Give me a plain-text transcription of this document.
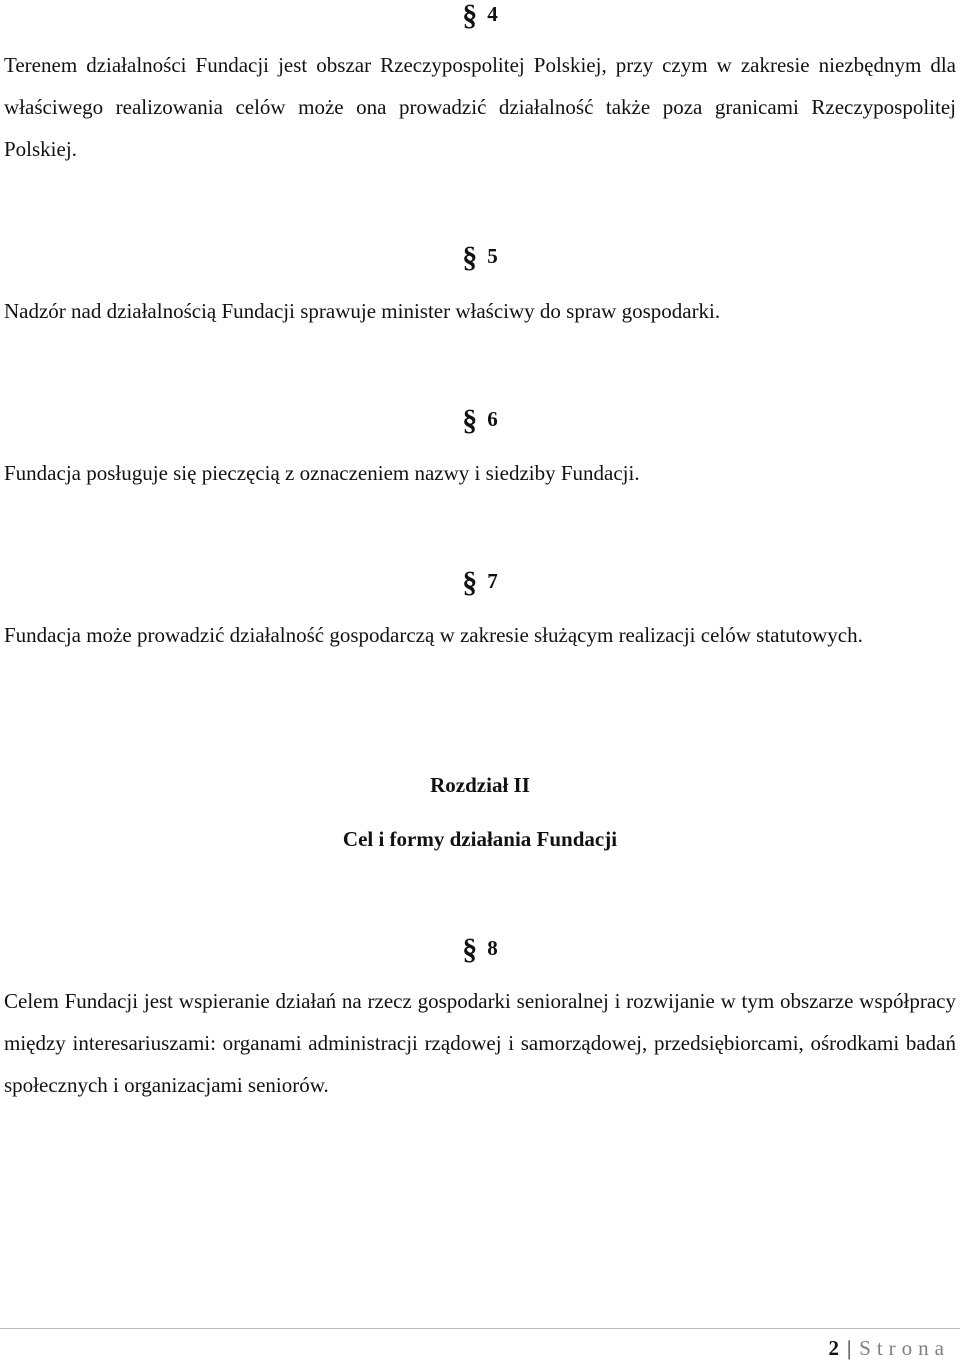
§ 4
Terenem działalności Fundacji jest obszar Rzeczypospolitej Polskiej, przy czym w zakresie niezbędnym dla właściwego realizowania celów może ona prowadzić działalność także poza granicami Rzeczypospolitej Polskiej.
§ 5
Nadzór nad działalnością Fundacji sprawuje minister właściwy do spraw gospodarki.
§ 6
Fundacja posługuje się pieczęcią z oznaczeniem nazwy i siedziby Fundacji.
§ 7
Fundacja może prowadzić działalność gospodarczą w zakresie służącym realizacji celów statutowych.
Rozdział II
Cel i formy działania Fundacji
§ 8
Celem Fundacji jest wspieranie działań na rzecz gospodarki senioralnej i rozwijanie w tym obszarze współpracy między interesariuszami: organami administracji rządowej i samorządowej, przedsiębiorcami, ośrodkami badań społecznych i organizacjami seniorów.
2 | Strona
